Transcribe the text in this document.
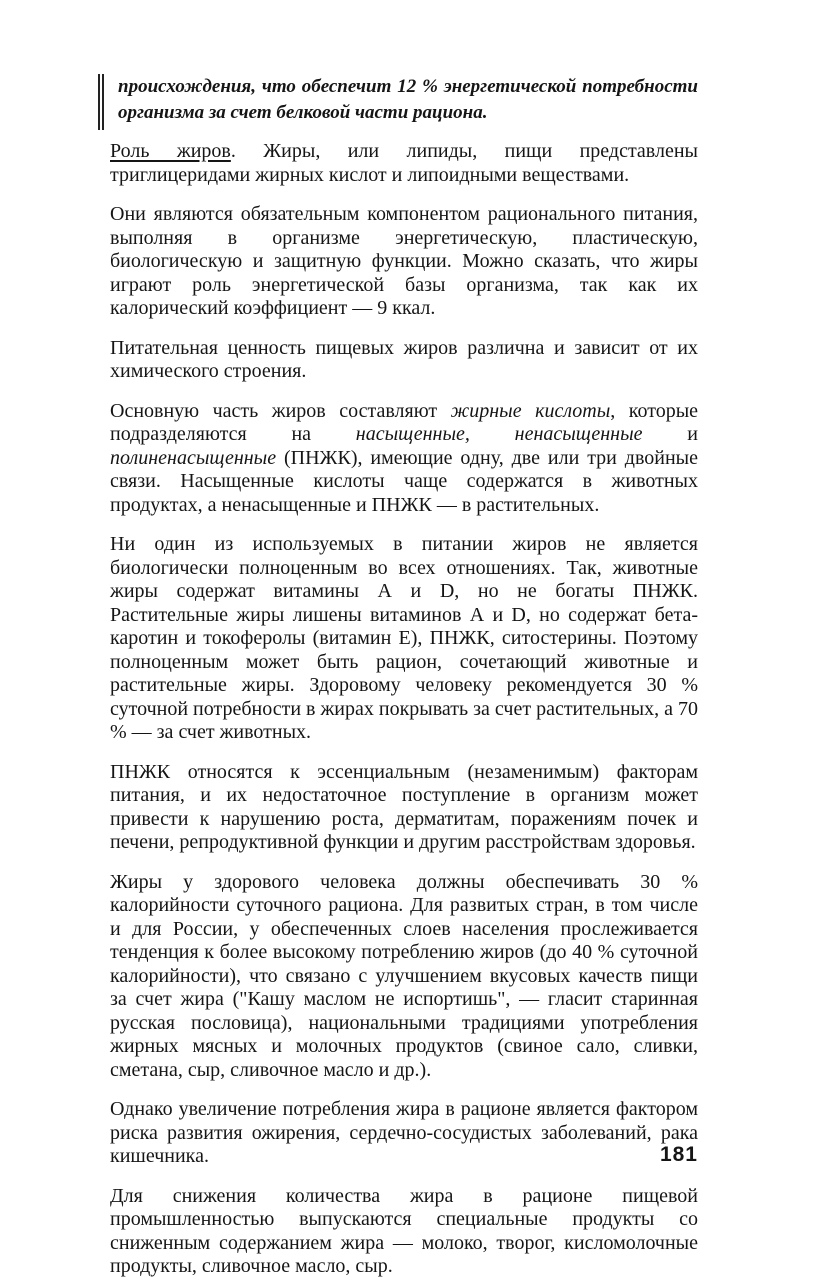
происхождения, что обеспечит 12 % энергетической потребности организма за счет белковой части рациона.

Роль жиров. Жиры, или липиды, пищи представлены триглицеридами жирных кислот и липоидными веществами.

Они являются обязательным компонентом рационального питания, выполняя в организме энергетическую, пластическую, биологическую и защитную функции. Можно сказать, что жиры играют роль энергетической базы организма, так как их калорический коэффициент — 9 ккал.

Питательная ценность пищевых жиров различна и зависит от их химического строения.

Основную часть жиров составляют жирные кислоты, которые подразделяются на насыщенные, ненасыщенные и полиненасыщенные (ПНЖК), имеющие одну, две или три двойные связи. Насыщенные кислоты чаще содержатся в животных продуктах, а ненасыщенные и ПНЖК — в растительных.

Ни один из используемых в питании жиров не является биологически полноценным во всех отношениях. Так, животные жиры содержат витамины А и D, но не богаты ПНЖК. Растительные жиры лишены витаминов А и D, но содержат бета-каротин и токоферолы (витамин Е), ПНЖК, ситостерины. Поэтому полноценным может быть рацион, сочетающий животные и растительные жиры. Здоровому человеку рекомендуется 30 % суточной потребности в жирах покрывать за счет растительных, а 70 % — за счет животных.

ПНЖК относятся к эссенциальным (незаменимым) факторам питания, и их недостаточное поступление в организм может привести к нарушению роста, дерматитам, поражениям почек и печени, репродуктивной функции и другим расстройствам здоровья.

Жиры у здорового человека должны обеспечивать 30 % калорийности суточного рациона. Для развитых стран, в том числе и для России, у обеспеченных слоев населения прослеживается тенденция к более высокому потреблению жиров (до 40 % суточной калорийности), что связано с улучшением вкусовых качеств пищи за счет жира ("Кашу маслом не испортишь", — гласит старинная русская пословица), национальными традициями употребления жирных мясных и молочных продуктов (свиное сало, сливки, сметана, сыр, сливочное масло и др.).

Однако увеличение потребления жира в рационе является фактором риска развития ожирения, сердечно-сосудистых заболеваний, рака кишечника.

Для снижения количества жира в рационе пищевой промышленностью выпускаются специальные продукты со сниженным содержанием жира — молоко, творог, кисломолочные продукты, сливочное масло, сыр.

181
